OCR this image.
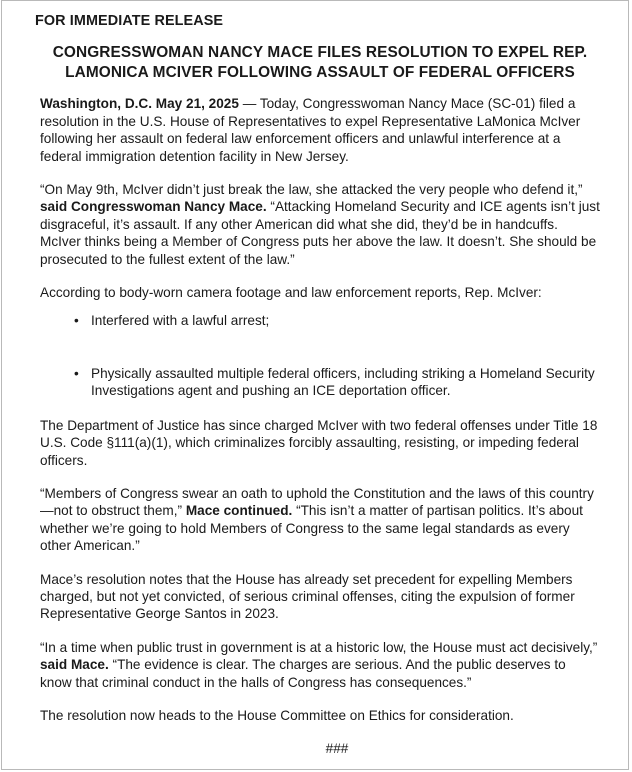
FOR IMMEDIATE RELEASE
CONGRESSWOMAN NANCY MACE FILES RESOLUTION TO EXPEL REP. LAMONICA MCIVER FOLLOWING ASSAULT OF FEDERAL OFFICERS

Washington, D.C. May 21, 2025 — Today, Congresswoman Nancy Mace (SC-01) filed a resolution in the U.S. House of Representatives to expel Representative LaMonica McIver following her assault on federal law enforcement officers and unlawful interference at a federal immigration detention facility in New Jersey.

“On May 9th, McIver didn’t just break the law, she attacked the very people who defend it,” said Congresswoman Nancy Mace. “Attacking Homeland Security and ICE agents isn’t just disgraceful, it’s assault. If any other American did what she did, they’d be in handcuffs. McIver thinks being a Member of Congress puts her above the law. It doesn’t. She should be prosecuted to the fullest extent of the law.”

According to body-worn camera footage and law enforcement reports, Rep. McIver:

• Interfered with a lawful arrest;
• Physically assaulted multiple federal officers, including striking a Homeland Security Investigations agent and pushing an ICE deportation officer.

The Department of Justice has since charged McIver with two federal offenses under Title 18 U.S. Code §111(a)(1), which criminalizes forcibly assaulting, resisting, or impeding federal officers.

“Members of Congress swear an oath to uphold the Constitution and the laws of this country—not to obstruct them,” Mace continued. “This isn’t a matter of partisan politics. It’s about whether we’re going to hold Members of Congress to the same legal standards as every other American.”

Mace’s resolution notes that the House has already set precedent for expelling Members charged, but not yet convicted, of serious criminal offenses, citing the expulsion of former Representative George Santos in 2023.

“In a time when public trust in government is at a historic low, the House must act decisively,” said Mace. “The evidence is clear. The charges are serious. And the public deserves to know that criminal conduct in the halls of Congress has consequences.”

The resolution now heads to the House Committee on Ethics for consideration.

###
